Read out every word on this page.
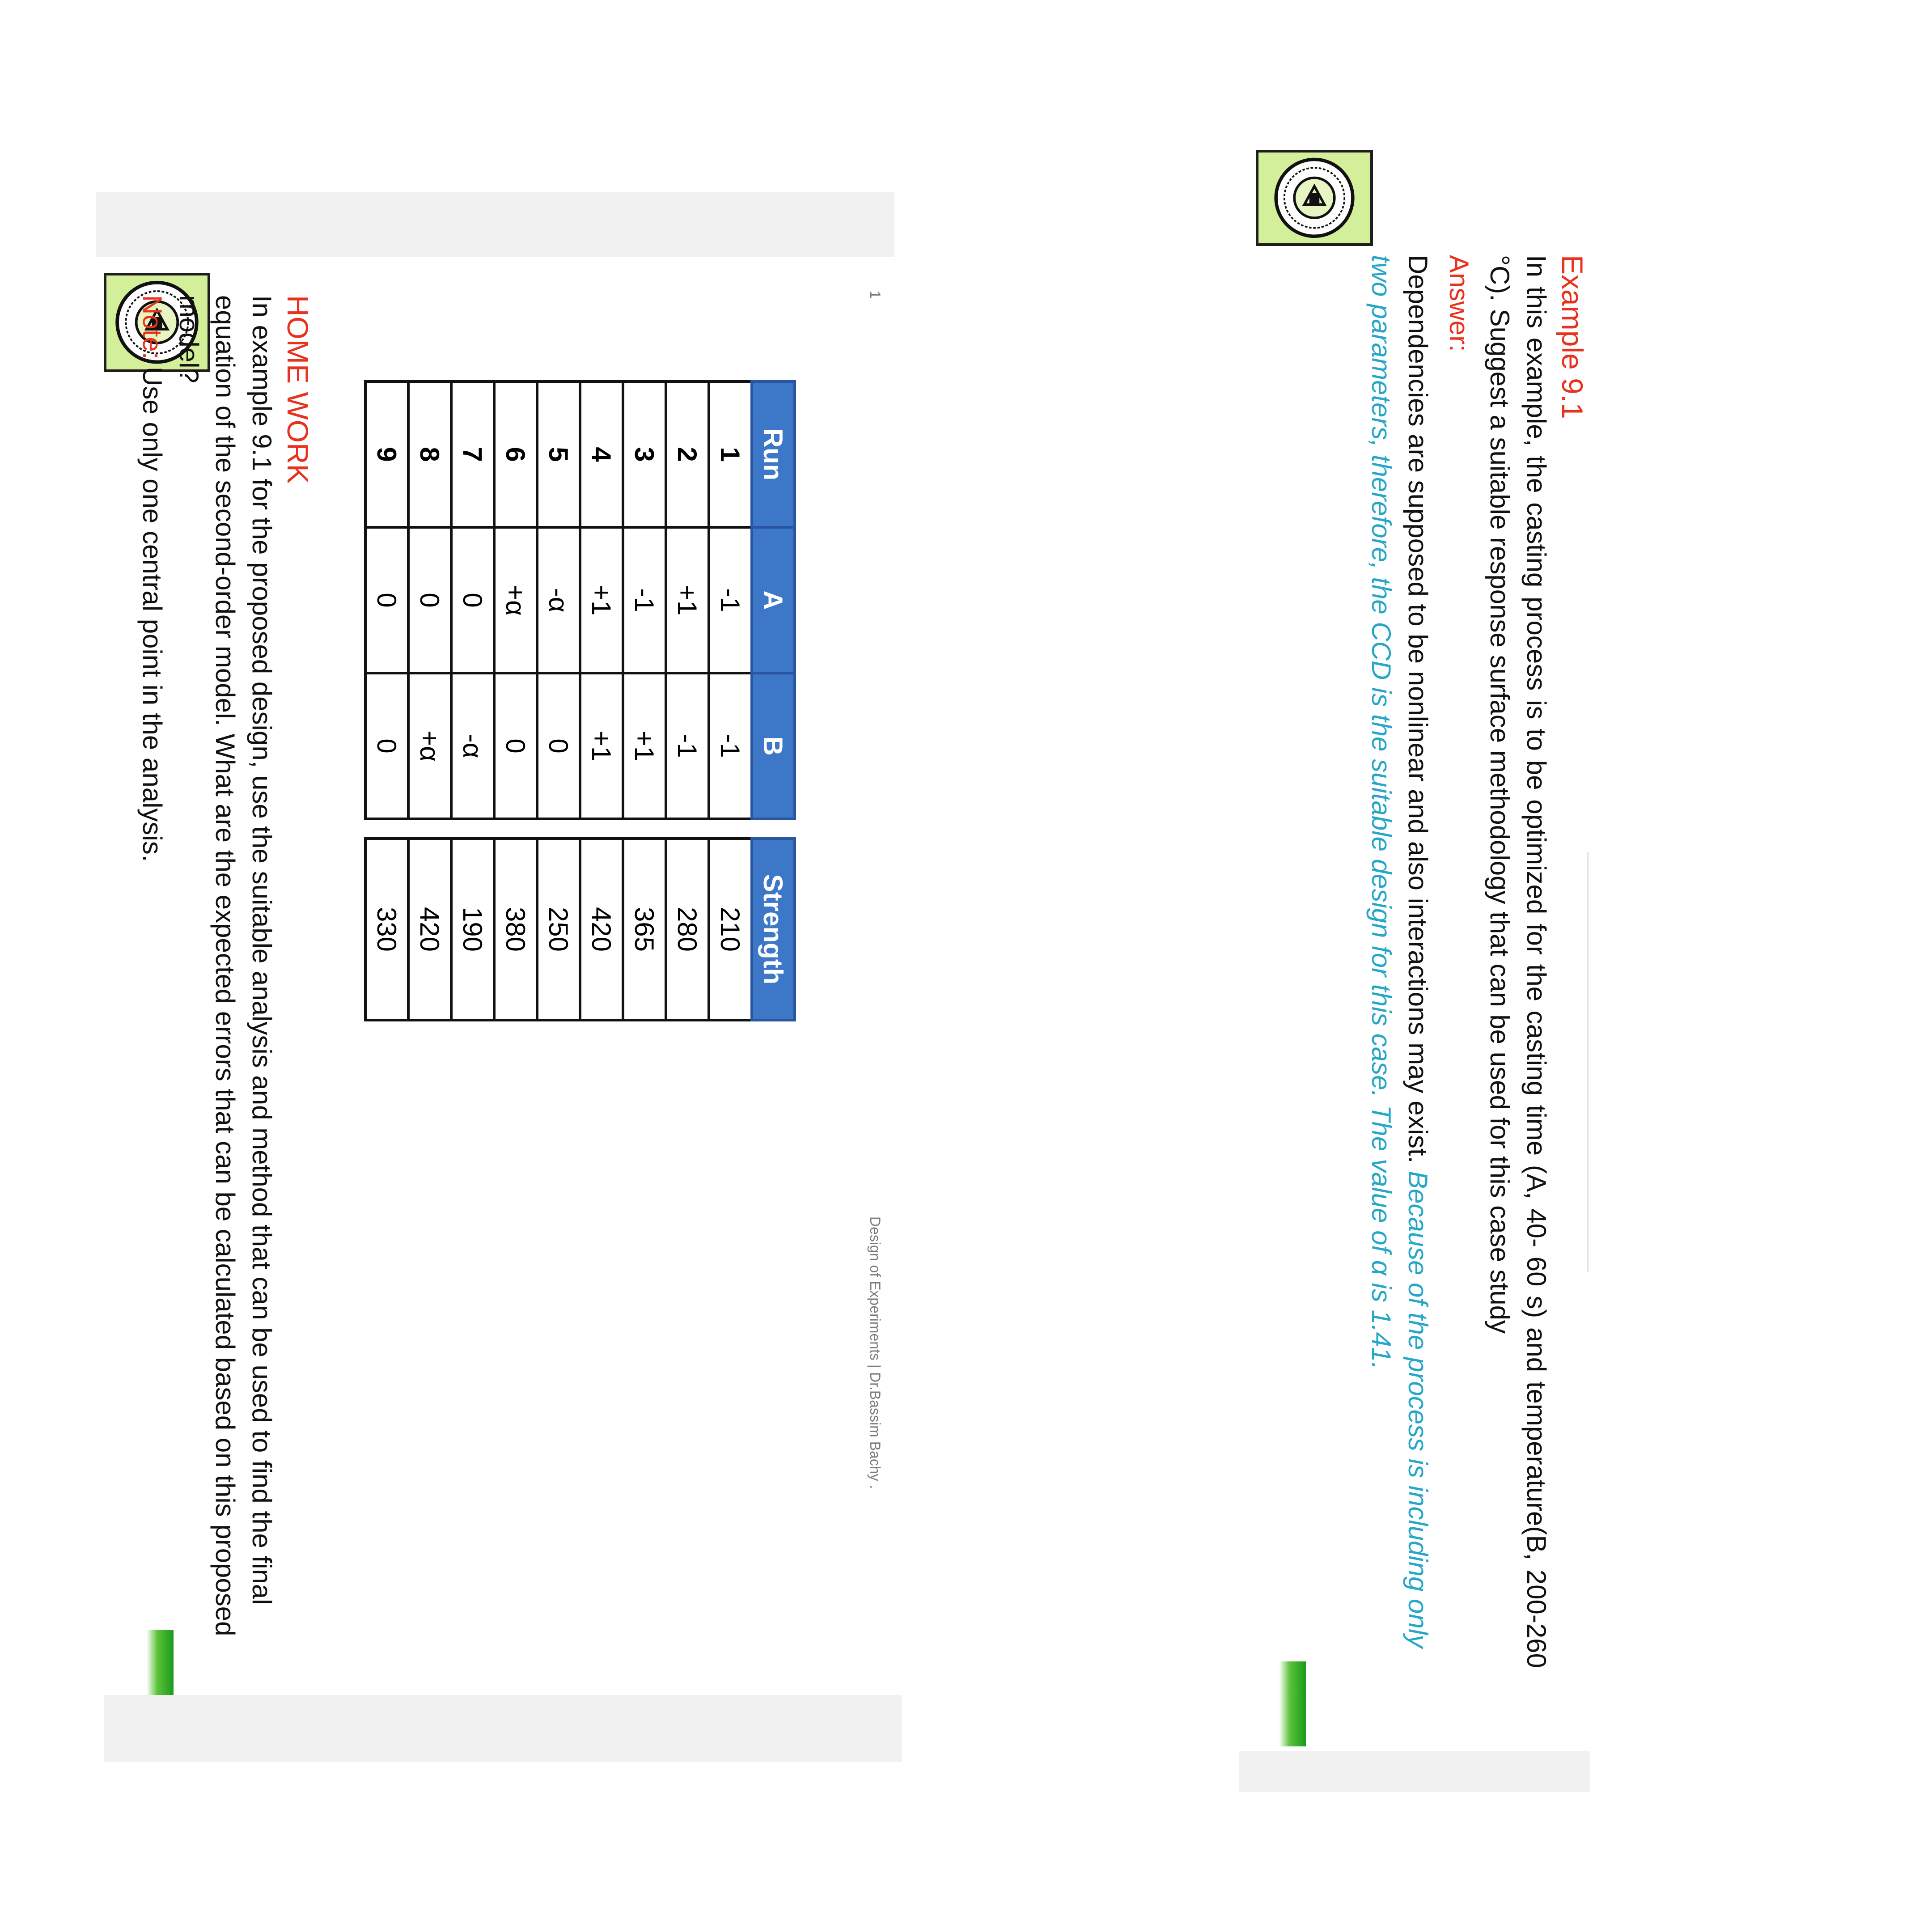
HOME WORK
In example 9.1 for the proposed design, use the suitable analysis and method that can be used to find the final equation of the second-order model. What are the expected errors that can be calculated based on this proposed model?
Note: Use only one central point in the analysis.	Run	A	B		Strength
1	-1	-1		210
2	+1	-1		280
3	-1	+1		365
4	+1	+1		420
5	-α	0		250
6	+α	0		380
7	0	-α		190
8	0	+α		420
9	0	0		330
Design of Experiments | Dr.Bassim Bachy .
1	Example 9.1
In this example, the casting process is to be optimized for the casting time (A, 40- 60 s) and temperature(B, 200-260 °C). Suggest a suitable response surface methodology that can be used for this case study
Answer:
Dependencies are supposed to be nonlinear and also interactions may exist. Because of the process is including only two parameters, therefore, the CCD is the suitable design for this case. The value of α is 1.41.
